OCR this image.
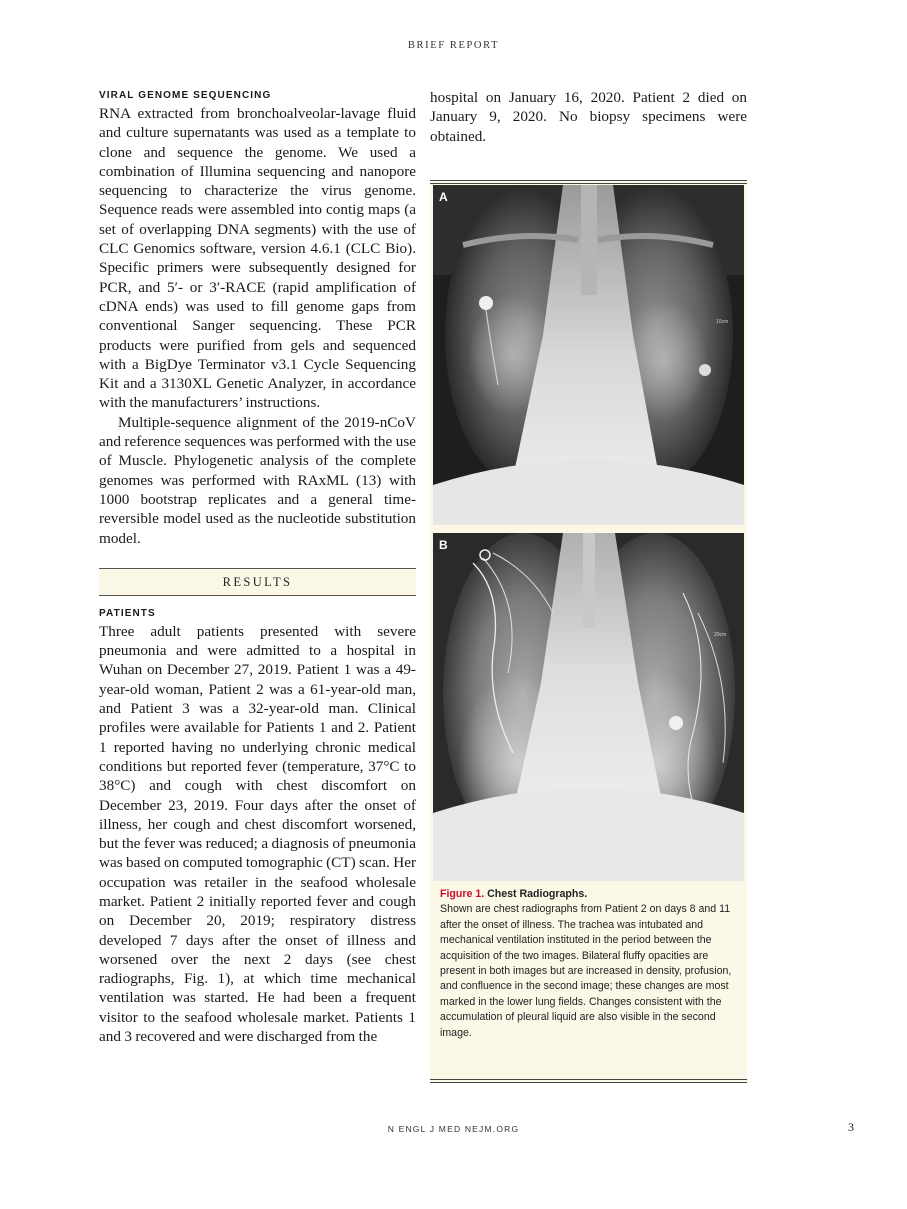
BRIEF REPORT
VIRAL GENOME SEQUENCING

RNA extracted from bronchoalveolar-lavage fluid and culture supernatants was used as a template to clone and sequence the genome. We used a combination of Illumina sequencing and nanopore sequencing to characterize the virus genome. Sequence reads were assembled into contig maps (a set of overlapping DNA segments) with the use of CLC Genomics software, version 4.6.1 (CLC Bio). Specific primers were subsequently designed for PCR, and 5′- or 3′-RACE (rapid amplification of cDNA ends) was used to fill genome gaps from conventional Sanger sequencing. These PCR products were purified from gels and sequenced with a BigDye Terminator v3.1 Cycle Sequencing Kit and a 3130XL Genetic Analyzer, in accordance with the manufacturers’ instructions.

Multiple-sequence alignment of the 2019-nCoV and reference sequences was performed with the use of Muscle. Phylogenetic analysis of the complete genomes was performed with RAxML (13) with 1000 bootstrap replicates and a general time-reversible model used as the nucleotide substitution model.

RESULTS
PATIENTS

Three adult patients presented with severe pneumonia and were admitted to a hospital in Wuhan on December 27, 2019. Patient 1 was a 49-year-old woman, Patient 2 was a 61-year-old man, and Patient 3 was a 32-year-old man. Clinical profiles were available for Patients 1 and 2. Patient 1 reported having no underlying chronic medical conditions but reported fever (temperature, 37°C to 38°C) and cough with chest discomfort on December 23, 2019. Four days after the onset of illness, her cough and chest discomfort worsened, but the fever was reduced; a diagnosis of pneumonia was based on computed tomographic (CT) scan. Her occupation was retailer in the seafood wholesale market. Patient 2 initially reported fever and cough on December 20, 2019; respiratory distress developed 7 days after the onset of illness and worsened over the next 2 days (see chest radiographs, Fig. 1), at which time mechanical ventilation was started. He had been a frequent visitor to the seafood wholesale market. Patients 1 and 3 recovered and were discharged from the

hospital on January 16, 2020. Patient 2 died on January 9, 2020. No biopsy specimens were obtained.

10cm
A
20cm
B
Figure 1. Chest Radiographs.
Shown are chest radiographs from Patient 2 on days 8 and 11 after the onset of illness. The trachea was intubated and mechanical ventilation instituted in the period between the acquisition of the two images. Bilateral fluffy opacities are present in both images but are increased in density, profusion, and confluence in the second image; these changes are most marked in the lower lung fields. Changes consistent with the accumulation of pleural liquid are also visible in the second image.
N ENGL J MED NEJM.ORG	3
